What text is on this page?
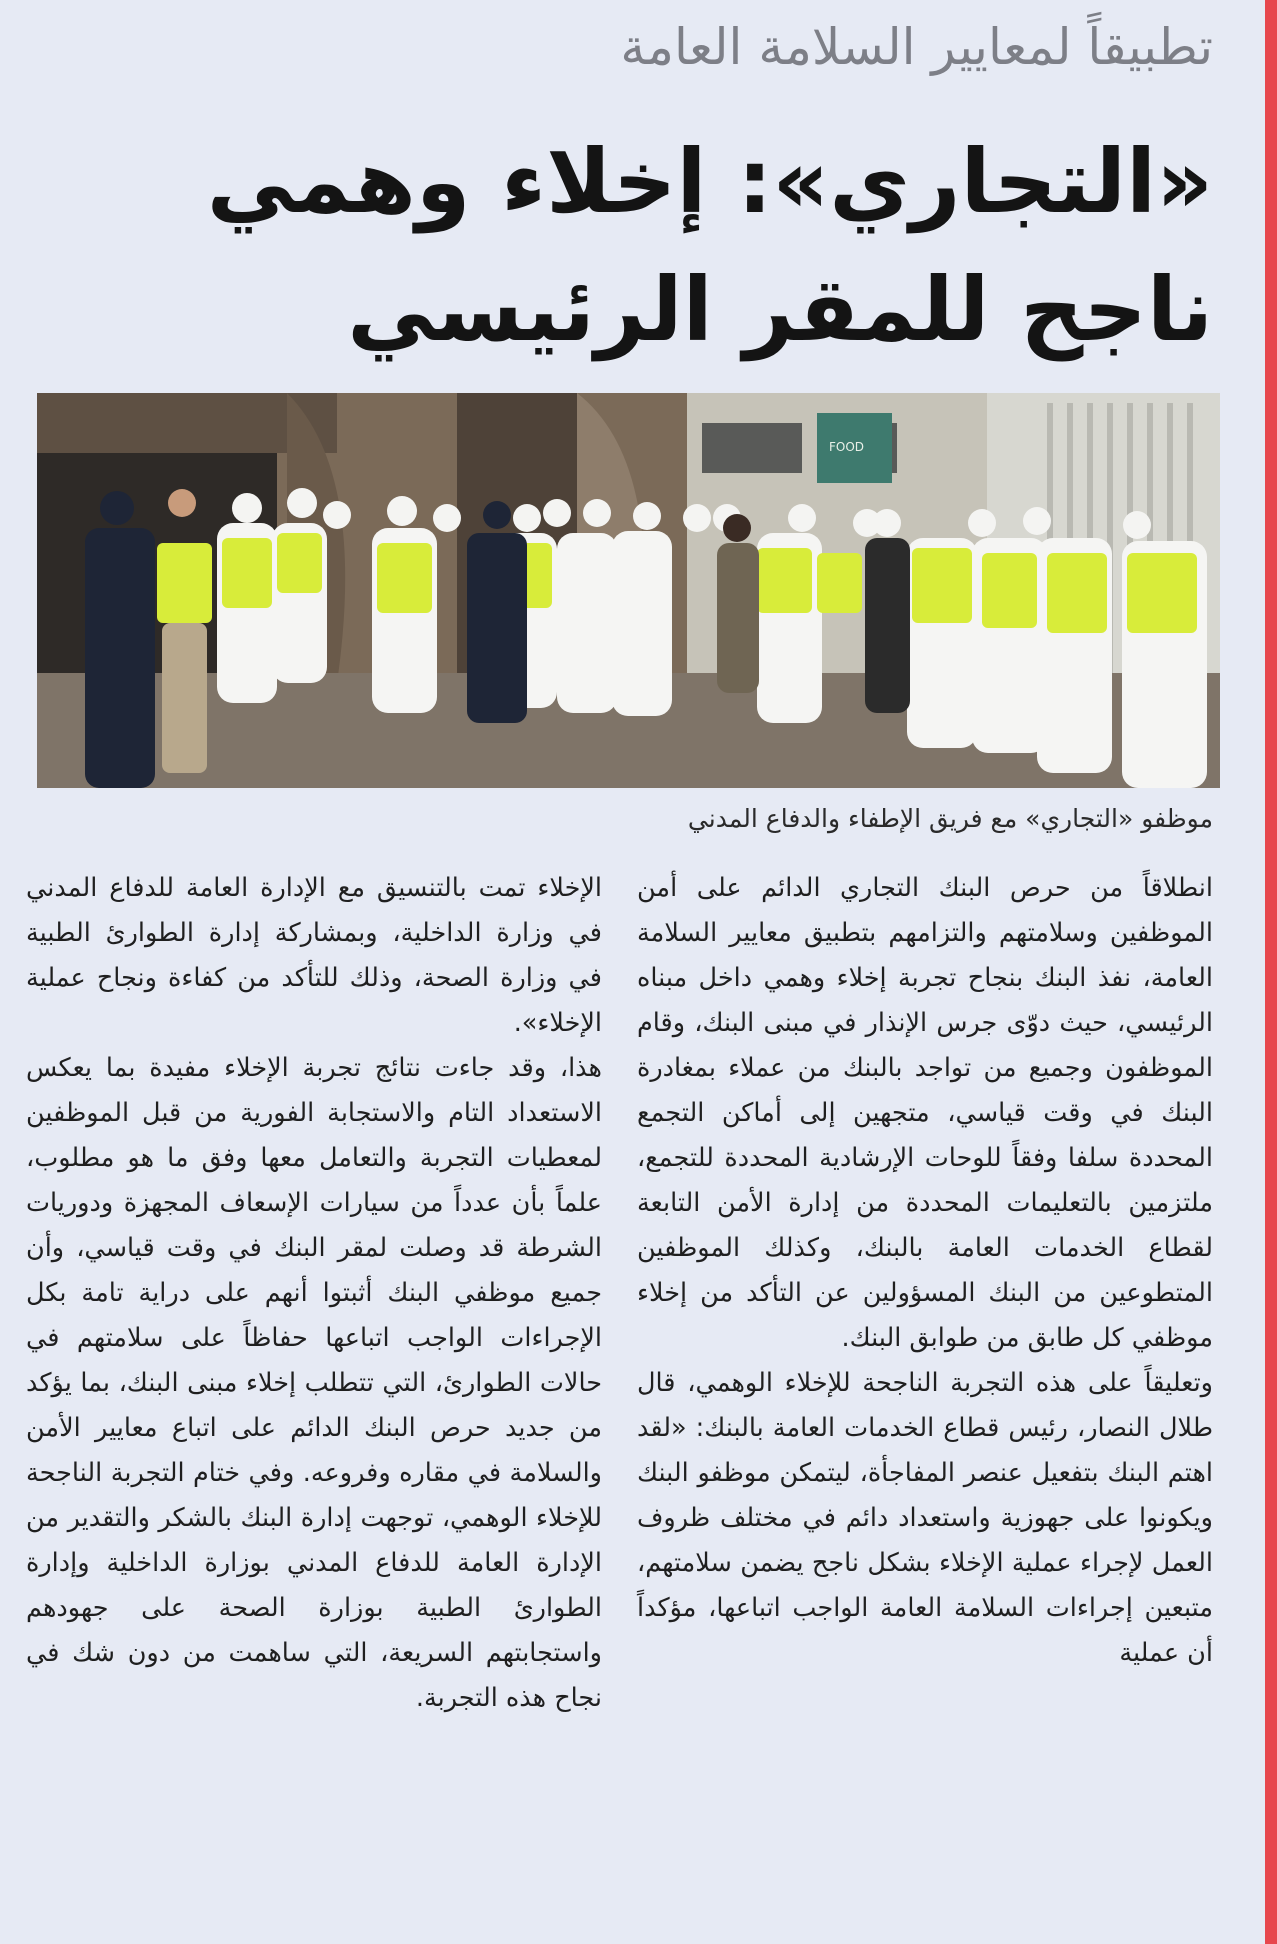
تطبيقاً لمعايير السلامة العامة
«التجاري»: إخلاء وهمي ناجح للمقر الرئيسي
FOOD
موظفو «التجاري» مع فريق الإطفاء والدفاع المدني

انطلاقاً من حرص البنك التجاري الدائم على أمن الموظفين وسلامتهم والتزامهم بتطبيق معايير السلامة العامة، نفذ البنك بنجاح تجربة إخلاء وهمي داخل مبناه الرئيسي، حيث دوّى جرس الإنذار في مبنى البنك، وقام الموظفون وجميع من تواجد بالبنك من عملاء بمغادرة البنك في وقت قياسي، متجهين إلى أماكن التجمع المحددة سلفا وفقاً للوحات الإرشادية المحددة للتجمع، ملتزمين بالتعليمات المحددة من إدارة الأمن التابعة لقطاع الخدمات العامة بالبنك، وكذلك الموظفين المتطوعين من البنك المسؤولين عن التأكد من إخلاء موظفي كل طابق من طوابق البنك.

وتعليقاً على هذه التجربة الناجحة للإخلاء الوهمي، قال طلال النصار، رئيس قطاع الخدمات العامة بالبنك: «لقد اهتم البنك بتفعيل عنصر المفاجأة، ليتمكن موظفو البنك ويكونوا على جهوزية واستعداد دائم في مختلف ظروف العمل لإجراء عملية الإخلاء بشكل ناجح يضمن سلامتهم، متبعين إجراءات السلامة العامة الواجب اتباعها، مؤكداً أن عملية

الإخلاء تمت بالتنسيق مع الإدارة العامة للدفاع المدني في وزارة الداخلية، وبمشاركة إدارة الطوارئ الطبية في وزارة الصحة، وذلك للتأكد من كفاءة ونجاح عملية الإخلاء».

هذا، وقد جاءت نتائج تجربة الإخلاء مفيدة بما يعكس الاستعداد التام والاستجابة الفورية من قبل الموظفين لمعطيات التجربة والتعامل معها وفق ما هو مطلوب، علماً بأن عدداً من سيارات الإسعاف المجهزة ودوريات الشرطة قد وصلت لمقر البنك في وقت قياسي، وأن جميع موظفي البنك أثبتوا أنهم على دراية تامة بكل الإجراءات الواجب اتباعها حفاظاً على سلامتهم في حالات الطوارئ، التي تتطلب إخلاء مبنى البنك، بما يؤكد من جديد حرص البنك الدائم على اتباع معايير الأمن والسلامة في مقاره وفروعه. وفي ختام التجربة الناجحة للإخلاء الوهمي، توجهت إدارة البنك بالشكر والتقدير من الإدارة العامة للدفاع المدني بوزارة الداخلية وإدارة الطوارئ الطبية بوزارة الصحة على جهودهم واستجابتهم السريعة، التي ساهمت من دون شك في نجاح هذه التجربة.
